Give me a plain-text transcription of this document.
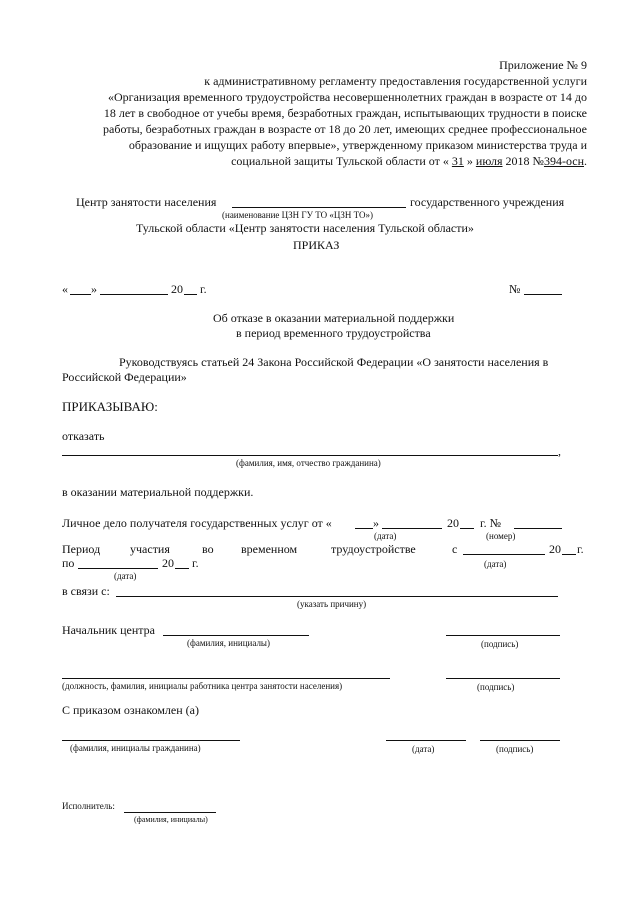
Приложение № 9
к административному регламенту предоставления государственной услуги
«Организация временного трудоустройства несовершеннолетних граждан в возрасте от 14 до
18 лет в свободное от учебы время, безработных граждан, испытывающих трудности в поиске
работы, безработных граждан в возрасте от 18 до 20 лет, имеющих среднее профессиональное
образование и ищущих работу впервые», утвержденному приказом министерства труда и
социальной защиты Тульской области от « 31 » июля 2018 №394-осн.
Центр занятости населения	государственного учреждения
(наименование ЦЗН ГУ ТО «ЦЗН ТО»)
Тульской области «Центр занятости населения Тульской области»
ПРИКАЗ
« »	20 г.	№
Об отказе в оказании материальной поддержки
в период временного трудоустройства
Руководствуясь статьей 24 Закона Российской Федерации «О занятости населения в
Российской Федерации»
ПРИКАЗЫВАЮ:
отказать
,
(фамилия, имя, отчество гражданина)
в оказании материальной поддержки.
Личное дело получателя государственных услуг от «	»	20 г. №
(дата)	(номер)
Период участия	во временном	трудоустройстве	с	20 г.
по	20 г.	(дата)
(дата)
в связи с:
(указать причину)
Начальник центра
(фамилия, инициалы)	(подпись)
(должность, фамилия, инициалы работника центра занятости населения)	(подпись)
С приказом ознакомлен (а)
(фамилия, инициалы гражданина)	(дата)	(подпись)
Исполнитель:
(фамилия, инициалы)
